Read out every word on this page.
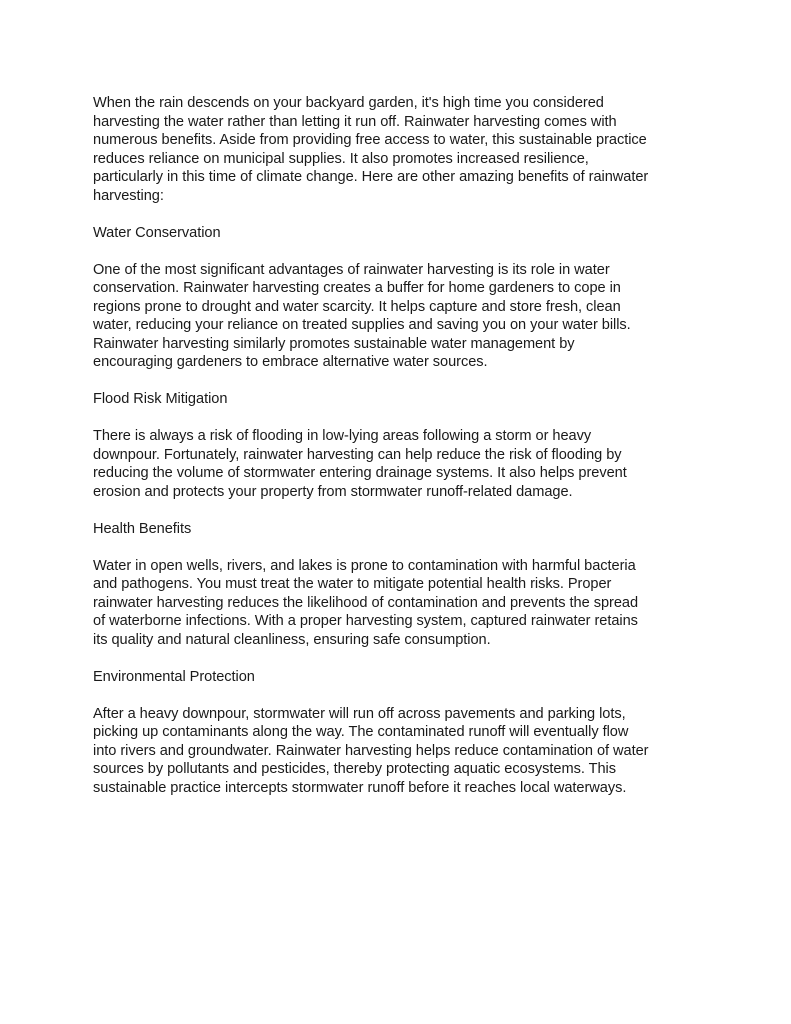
When the rain descends on your backyard garden, it's high time you considered
harvesting the water rather than letting it run off. Rainwater harvesting comes with
numerous benefits. Aside from providing free access to water, this sustainable practice
reduces reliance on municipal supplies. It also promotes increased resilience,
particularly in this time of climate change. Here are other amazing benefits of rainwater
harvesting:

Water Conservation

One of the most significant advantages of rainwater harvesting is its role in water
conservation. Rainwater harvesting creates a buffer for home gardeners to cope in
regions prone to drought and water scarcity. It helps capture and store fresh, clean
water, reducing your reliance on treated supplies and saving you on your water bills.
Rainwater harvesting similarly promotes sustainable water management by
encouraging gardeners to embrace alternative water sources.

Flood Risk Mitigation

There is always a risk of flooding in low-lying areas following a storm or heavy
downpour. Fortunately, rainwater harvesting can help reduce the risk of flooding by
reducing the volume of stormwater entering drainage systems. It also helps prevent
erosion and protects your property from stormwater runoff-related damage.

Health Benefits

Water in open wells, rivers, and lakes is prone to contamination with harmful bacteria
and pathogens. You must treat the water to mitigate potential health risks. Proper
rainwater harvesting reduces the likelihood of contamination and prevents the spread
of waterborne infections. With a proper harvesting system, captured rainwater retains
its quality and natural cleanliness, ensuring safe consumption.

Environmental Protection

After a heavy downpour, stormwater will run off across pavements and parking lots,
picking up contaminants along the way. The contaminated runoff will eventually flow
into rivers and groundwater. Rainwater harvesting helps reduce contamination of water
sources by pollutants and pesticides, thereby protecting aquatic ecosystems. This
sustainable practice intercepts stormwater runoff before it reaches local waterways.
